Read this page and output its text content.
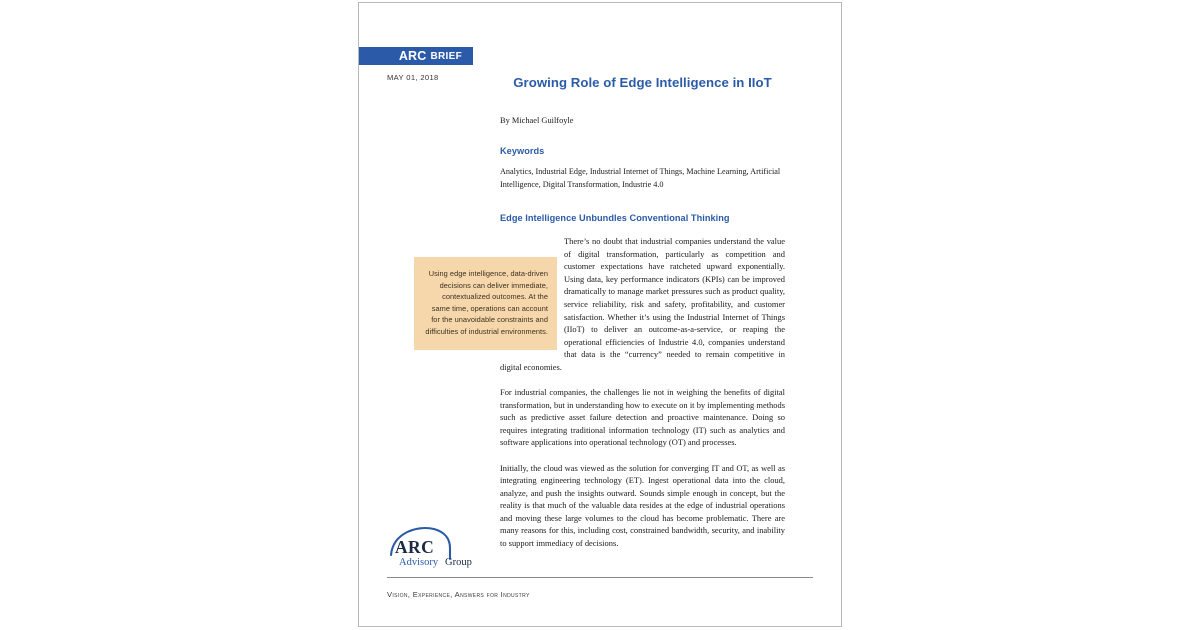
ARC BRIEF
MAY 01, 2018	Growing Role of Edge Intelligence in IIoT

By Michael Guilfoyle

Keywords

Analytics, Industrial Edge, Industrial Internet of Things, Machine Learning, Artificial Intelligence, Digital Transformation, Industrie 4.0

Edge Intelligence Unbundles Conventional Thinking
Using edge intelligence, data-driven decisions can deliver immediate, contextualized outcomes. At the same time, operations can account for the unavoidable constraints and difficulties of industrial environments.

There’s no doubt that industrial companies understand the value of digital transformation, particularly as competition and customer expectations have ratcheted upward exponentially. Using data, key performance indicators (KPIs) can be improved dramatically to manage market pressures such as product quality, service reliability, risk and safety, profitability, and customer satisfaction. Whether it’s using the Industrial Internet of Things (IIoT) to deliver an outcome-as-a-service, or reaping the operational efficiencies of Industrie 4.0, companies understand that data is the “currency” needed to remain competitive in digital economies.

For industrial companies, the challenges lie not in weighing the benefits of digital transformation, but in understanding how to execute on it by implementing methods such as predictive asset failure detection and proactive maintenance. Doing so requires integrating traditional information technology (IT) such as analytics and software applications into operational technology (OT) and processes.

Initially, the cloud was viewed as the solution for converging IT and OT, as well as integrating engineering technology (ET). Ingest operational data into the cloud, analyze, and push the insights outward. Sounds simple enough in concept, but the reality is that much of the valuable data resides at the edge of industrial operations and moving these large volumes to the cloud has become problematic. There are many reasons for this, including cost, constrained bandwidth, security, and inability to support immediacy of decisions.

ARC
Advisory Group
Vision, Experience, Answers for Industry
